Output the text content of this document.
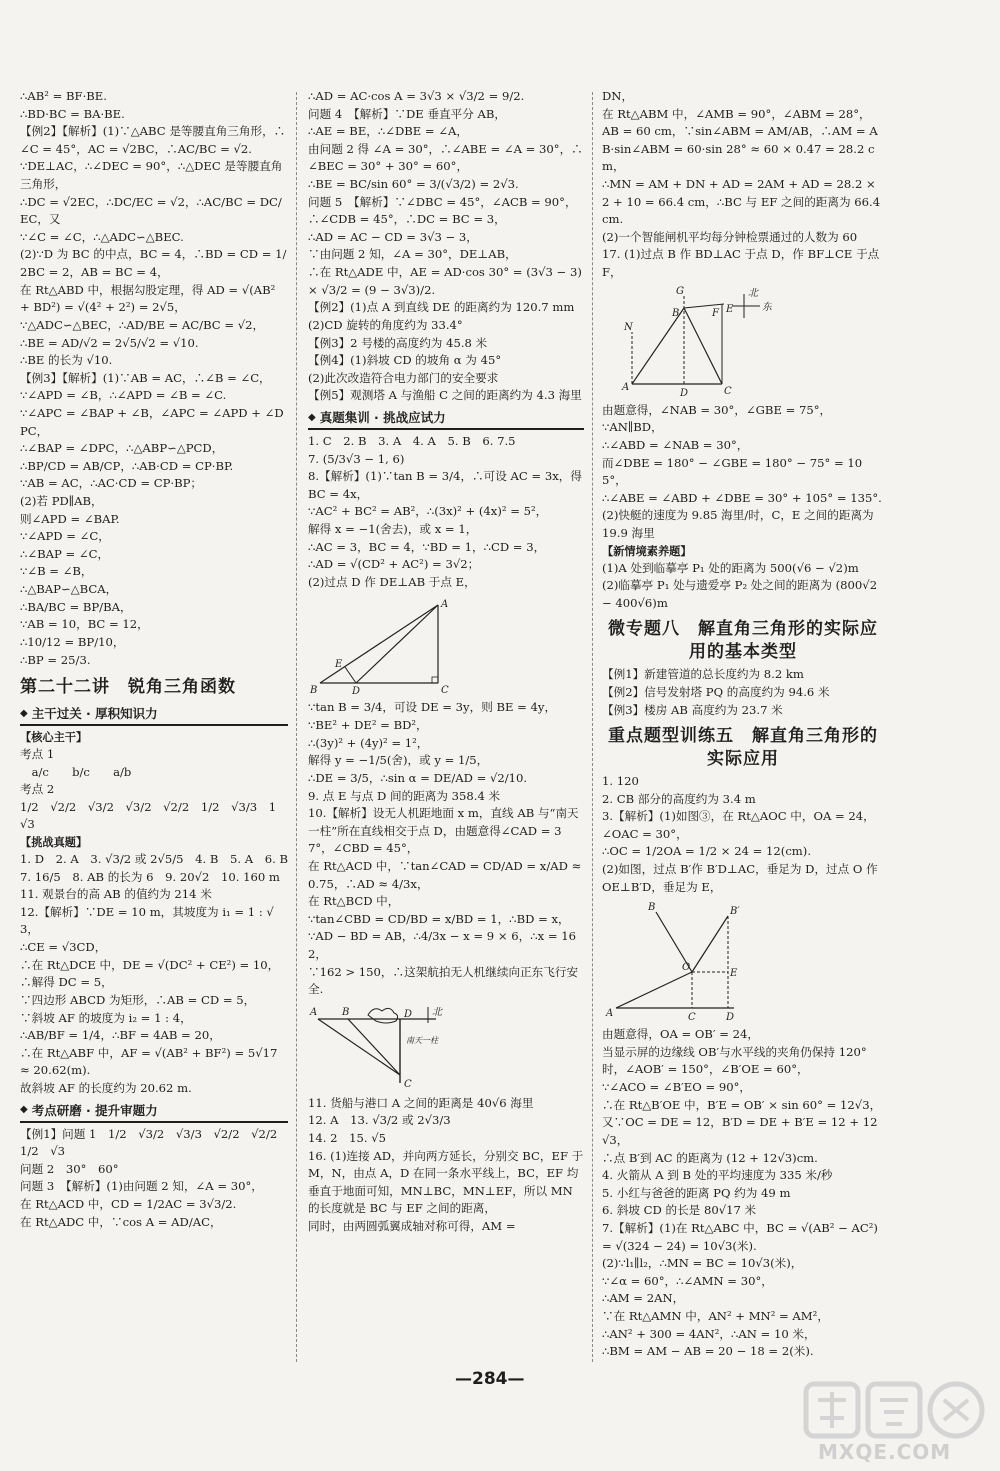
∴AB² = BF·BE.
∴BD·BC = BA·BE.
【例2】【解析】(1)∵△ABC 是等腰直角三角形，∴∠C = 45°，AC = √2BC，∴AC/BC = √2.
∵DE⊥AC，∴∠DEC = 90°，∴△DEC 是等腰直角三角形，
∴DC = √2EC，∴DC/EC = √2，∴AC/BC = DC/EC，又
∵∠C = ∠C，∴△ADC∽△BEC.
(2)∵D 为 BC 的中点，BC = 4，∴BD = CD = 1/2BC = 2，AB = BC = 4，
在 Rt△ABD 中，根据勾股定理，得 AD = √(AB² + BD²) = √(4² + 2²) = 2√5，
∵△ADC∽△BEC，∴AD/BE = AC/BC = √2，
∴BE = AD/√2 = 2√5/√2 = √10.
∴BE 的长为 √10.
【例3】【解析】(1)∵AB = AC，∴∠B = ∠C，
∵∠APD = ∠B，∴∠APD = ∠B = ∠C.
∵∠APC = ∠BAP + ∠B，∠APC = ∠APD + ∠DPC，
∴∠BAP = ∠DPC，∴△ABP∽△PCD，
∴BP/CD = AB/CP，∴AB·CD = CP·BP.
∵AB = AC，∴AC·CD = CP·BP；
(2)若 PD∥AB，
则∠APD = ∠BAP.
∵∠APD = ∠C，
∴∠BAP = ∠C，
∵∠B = ∠B，
∴△BAP∽△BCA，
∴BA/BC = BP/BA，
∵AB = 10，BC = 12，
∴10/12 = BP/10，
∴BP = 25/3.
第二十二讲　锐角三角函数
◆ 主干过关 · 厚积知识力
【核心主干】
考点 1
　a/c　　b/c　　a/b
考点 2
1/2　√2/2　√3/2　√3/2　√2/2　1/2　√3/3　1　√3
【挑战真题】
1. D　2. A　3. √3/2 或 2√5/5　4. B　5. A　6. B
7. 16/5　8. AB 的长为 6　9. 20√2　10. 160 m
11. 观景台的高 AB 的值约为 214 米
12.【解析】∵DE = 10 m，其坡度为 i₁ = 1 : √3，
∴CE = √3CD，
∴在 Rt△DCE 中，DE = √(DC² + CE²) = 10，∴解得 DC = 5，
∵四边形 ABCD 为矩形，∴AB = CD = 5，
∵斜坡 AF 的坡度为 i₂ = 1 : 4，
∴AB/BF = 1/4，∴BF = 4AB = 20，
∴在 Rt△ABF 中，AF = √(AB² + BF²) = 5√17 ≈ 20.62(m).
故斜坡 AF 的长度约为 20.62 m.
◆ 考点研磨 · 提升审题力
【例1】问题 1　1/2　√3/2　√3/3　√2/2　√2/2　1/2　√3
问题 2　30°　60°
问题 3　【解析】(1)由问题 2 知，∠A = 30°，
在 Rt△ACD 中，CD = 1/2AC = 3√3/2.
在 Rt△ADC 中，∵cos A = AD/AC，
∴AD = AC·cos A = 3√3 × √3/2 = 9/2.
问题 4　【解析】∵DE 垂直平分 AB，
∴AE = BE，∴∠DBE = ∠A，
由问题 2 得 ∠A = 30°，∴∠ABE = ∠A = 30°，∴∠BEC = 30° + 30° = 60°，
∴BE = BC/sin 60° = 3/(√3/2) = 2√3.
问题 5　【解析】∵∠DBC = 45°，∠ACB = 90°，∴∠CDB = 45°，∴DC = BC = 3，
∴AD = AC − CD = 3√3 − 3，
∵由问题 2 知，∠A = 30°，DE⊥AB，
∴在 Rt△ADE 中，AE = AD·cos 30° = (3√3 − 3) × √3/2 = (9 − 3√3)/2.
【例2】(1)点 A 到直线 DE 的距离约为 120.7 mm
(2)CD 旋转的角度约为 33.4°
【例3】2 号楼的高度约为 45.8 米
【例4】(1)斜坡 CD 的坡角 α 为 45°
(2)此次改造符合电力部门的安全要求
【例5】观测塔 A 与渔船 C 之间的距离约为 4.3 海里
◆ 真题集训 · 挑战应试力
1. C　2. B　3. A　4. A　5. B　6. 7.5
7. (5/3√3 − 1, 6)
8.【解析】(1)∵tan B = 3/4，∴可设 AC = 3x，得 BC = 4x，
∵AC² + BC² = AB²，∴(3x)² + (4x)² = 5²，
解得 x = −1(舍去)，或 x = 1，
∴AC = 3，BC = 4，∵BD = 1，∴CD = 3，
∴AD = √(CD² + AC²) = 3√2；
(2)过点 D 作 DE⊥AB 于点 E，
A
B	C
D
E
∵tan B = 3/4，可设 DE = 3y，则 BE = 4y，
∵BE² + DE² = BD²，
∴(3y)² + (4y)² = 1²，
解得 y = −1/5(舍)，或 y = 1/5，
∴DE = 3/5，∴sin α = DE/AD = √2/10.
9. 点 E 与点 D 间的距离为 358.4 米
10.【解析】设无人机距地面 x m，直线 AB 与“南天一柱”所在直线相交于点 D，由题意得∠CAD = 37°，∠CBD = 45°，
在 Rt△ACD 中，∵tan∠CAD = CD/AD = x/AD ≈ 0.75，∴AD ≈ 4/3x，
在 Rt△BCD 中，
∵tan∠CBD = CD/BD = x/BD = 1，∴BD = x，
∵AD − BD = AB，∴4/3x − x = 9 × 6，∴x = 162，
∵162 > 150，∴这架航拍无人机继续向正东飞行安全.
A B
C
D 北
南天一柱
11. 货船与港口 A 之间的距离是 40√6 海里
12. A　13. √3/2 或 2√3/3
14. 2　15. √5
16. (1)连接 AD，并向两方延长，分别交 BC，EF 于 M，N，由点 A，D 在同一条水平线上，BC，EF 均垂直于地面可知，MN⊥BC，MN⊥EF，所以 MN 的长度就是 BC 与 EF 之间的距离，
同时，由两圆弧翼成轴对称可得，AM =
DN，
在 Rt△ABM 中，∠AMB = 90°，∠ABM = 28°，
AB = 60 cm，∵sin∠ABM = AM/AB，∴AM = AB·sin∠ABM = 60·sin 28° ≈ 60 × 0.47 = 28.2 cm，
∴MN = AM + DN + AD = 2AM + AD = 28.2 × 2 + 10 = 66.4 cm，∴BC 与 EF 之间的距离为 66.4 cm.
(2)一个智能闸机平均每分钟检票通过的人数为 60
17. (1)过点 B 作 BD⊥AC 于点 D，作 BF⊥CE 于点 F，
G
N
A
B
C
D
F E
北
东
由题意得，∠NAB = 30°，∠GBE = 75°，
∵AN∥BD，
∴∠ABD = ∠NAB = 30°，
而∠DBE = 180° − ∠GBE = 180° − 75° = 105°，
∴∠ABE = ∠ABD + ∠DBE = 30° + 105° = 135°.
(2)快艇的速度为 9.85 海里/时，C，E 之间的距离为 19.9 海里
【新情境素养题】
(1)A 处到临摹亭 P₁ 处的距离为 500(√6 − √2)m
(2)临摹亭 P₁ 处与遗爱亭 P₂ 处之间的距离为 (800√2 − 400√6)m
微专题八　解直角三角形的实际应用的基本类型
【例1】新建管道的总长度约为 8.2 km
【例2】信号发射塔 PQ 的高度约为 94.6 米
【例3】楼房 AB 高度约为 23.7 米
重点题型训练五　解直角三角形的实际应用
1. 120
2. CB 部分的高度约为 3.4 m
3.【解析】(1)如图③，在 Rt△AOC 中，OA = 24，∠OAC = 30°，
∴OC = 1/2OA = 1/2 × 24 = 12(cm).
(2)如图，过点 B′作 B′D⊥AC，垂足为 D，过点 O 作 OE⊥B′D，垂足为 E，
B	B′
A
O
C	D
E
由题意得，OA = OB′ = 24，
当显示屏的边缘线 OB′与水平线的夹角仍保持 120°时，∠AOB′ = 150°，∠B′OE = 60°，
∵∠ACO = ∠B′EO = 90°，
∴在 Rt△B′OE 中，B′E = OB′ × sin 60° = 12√3，
又∵OC = DE = 12，B′D = DE + B′E = 12 + 12√3，
∴点 B′到 AC 的距离为 (12 + 12√3)cm.
4. 火箭从 A 到 B 处的平均速度为 335 米/秒
5. 小红与爸爸的距离 PQ 约为 49 m
6. 斜坡 CD 的长是 80√17 米
7.【解析】(1)在 Rt△ABC 中，BC = √(AB² − AC²) = √(324 − 24) = 10√3(米).
(2)∵l₁∥l₂，∴MN = BC = 10√3(米)，
∵∠α = 60°，∴∠AMN = 30°，
∴AM = 2AN，
∵在 Rt△AMN 中，AN² + MN² = AM²，
∴AN² + 300 = 4AN²，∴AN = 10 米，
∴BM = AM − AB = 20 − 18 = 2(米).
—284—
MXQE.COM
